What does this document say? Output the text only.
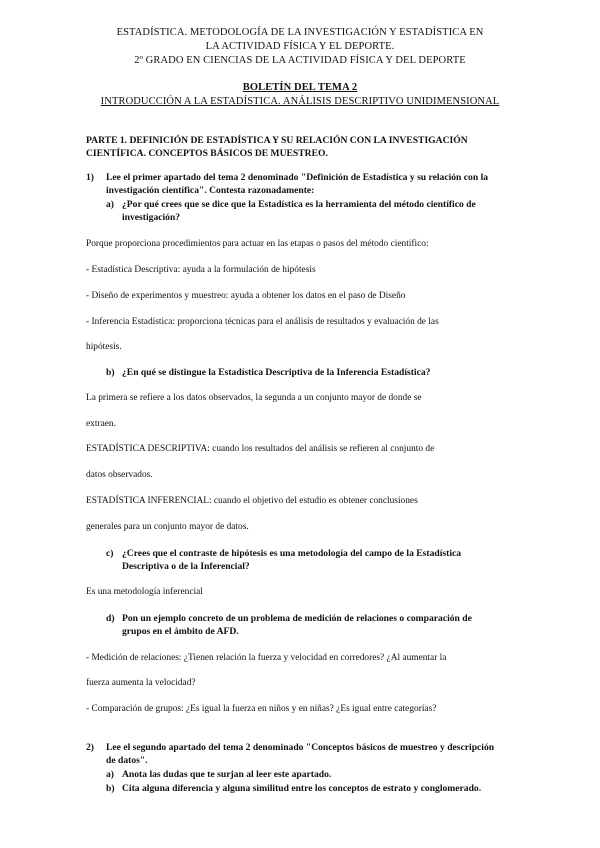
ESTADÍSTICA. METODOLOGÍA DE LA INVESTIGACIÓN Y ESTADÍSTICA EN
LA ACTIVIDAD FÍSICA Y EL DEPORTE.
2º GRADO EN CIENCIAS DE LA ACTIVIDAD FÍSICA Y DEL DEPORTE
BOLETÍN DEL TEMA 2
INTRODUCCIÓN A LA ESTADÍSTICA. ANÁLISIS DESCRIPTIVO UNIDIMENSIONAL
PARTE 1. DEFINICIÓN DE ESTADÍSTICA Y SU RELACIÓN CON LA INVESTIGACIÓN
CIENTÍFICA. CONCEPTOS BÁSICOS DE MUESTREO.
1) Lee el primer apartado del tema 2 denominado "Definición de Estadística y su relación con la
investigación científica". Contesta razonadamente:
a) ¿Por qué crees que se dice que la Estadística es la herramienta del método científico de
investigación?
Porque proporciona procedimientos para actuar en las etapas o pasos del método científico:
- Estadística Descriptiva: ayuda a la formulación de hipótesis
- Diseño de experimentos y muestreo: ayuda a obtener los datos en el paso de Diseño
- Inferencia Estadística: proporciona técnicas para el análisis de resultados y evaluación de las
hipótesis.
b) ¿En qué se distingue la Estadística Descriptiva de la Inferencia Estadística?
La primera se refiere a los datos observados, la segunda a un conjunto mayor de donde se
extraen.
ESTADÍSTICA DESCRIPTIVA: cuando los resultados del análisis se refieren al conjunto de
datos observados.
ESTADÍSTICA INFERENCIAL: cuando el objetivo del estudio es obtener conclusiones
generales para un conjunto mayor de datos.
c) ¿Crees que el contraste de hipótesis es una metodología del campo de la Estadística
Descriptiva o de la Inferencial?
Es una metodología inferencial
d) Pon un ejemplo concreto de un problema de medición de relaciones o comparación de
grupos en el ámbito de AFD.
- Medición de relaciones: ¿Tienen relación la fuerza y velocidad en corredores? ¿Al aumentar la
fuerza aumenta la velocidad?
- Comparación de grupos: ¿Es igual la fuerza en niños y en niñas? ¿Es igual entre categorías?
2) Lee el segundo apartado del tema 2 denominado "Conceptos básicos de muestreo y descripción
de datos".
a) Anota las dudas que te surjan al leer este apartado.
b) Cita alguna diferencia y alguna similitud entre los conceptos de estrato y conglomerado.
